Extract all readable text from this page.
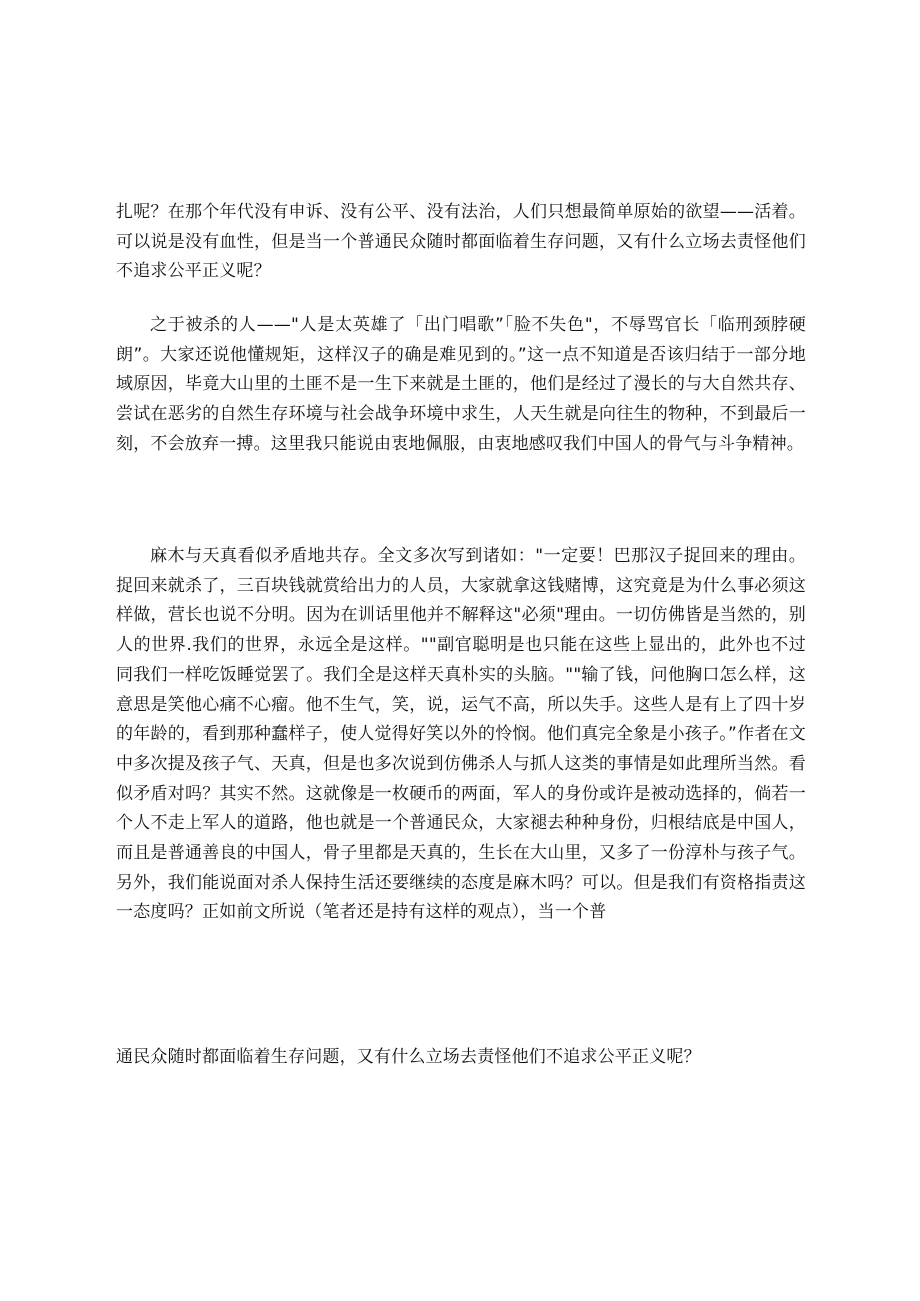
扎呢？在那个年代没有申诉、没有公平、没有法治，人们只想最简单原始的欲望——活着。可以说是没有血性，但是当一个普通民众随时都面临着生存问题，又有什么立场去责怪他们不追求公平正义呢？

之于被杀的人——"人是太英雄了「出门唱歌”「脸不失色"，不辱骂官长「临刑颈脖硬朗”。大家还说他懂规矩，这样汉子的确是难见到的。”这一点不知道是否该归结于一部分地域原因，毕竟大山里的土匪不是一生下来就是土匪的，他们是经过了漫长的与大自然共存、尝试在恶劣的自然生存环境与社会战争环境中求生，人天生就是向往生的物种，不到最后一刻，不会放弃一搏。这里我只能说由衷地佩服，由衷地感叹我们中国人的骨气与斗争精神。

麻木与天真看似矛盾地共存。全文多次写到诸如："一定要！巴那汉子捉回来的理由。捉回来就杀了，三百块钱就赏给出力的人员，大家就拿这钱赌博，这究竟是为什么事必须这样做，营长也说不分明。因为在训话里他并不解释这"必须"理由。一切仿佛皆是当然的，别人的世界.我们的世界，永远全是这样。""副官聪明是也只能在这些上显出的，此外也不过同我们一样吃饭睡觉罢了。我们全是这样天真朴实的头脑。""输了钱，问他胸口怎么样，这意思是笑他心痛不心瘤。他不生气，笑，说，运气不高，所以失手。这些人是有上了四十岁的年龄的，看到那种蠢样子，使人觉得好笑以外的怜悯。他们真完全象是小孩子。”作者在文中多次提及孩子气、天真，但是也多次说到仿佛杀人与抓人这类的事情是如此理所当然。看似矛盾对吗？其实不然。这就像是一枚硬币的两面，军人的身份或许是被动选择的，倘若一个人不走上军人的道路，他也就是一个普通民众，大家褪去种种身份，归根结底是中国人，而且是普通善良的中国人，骨子里都是天真的，生长在大山里，又多了一份淳朴与孩子气。另外，我们能说面对杀人保持生活还要继续的态度是麻木吗？可以。但是我们有资格指责这一态度吗？正如前文所说（笔者还是持有这样的观点），当一个普

通民众随时都面临着生存问题，又有什么立场去责怪他们不追求公平正义呢？
